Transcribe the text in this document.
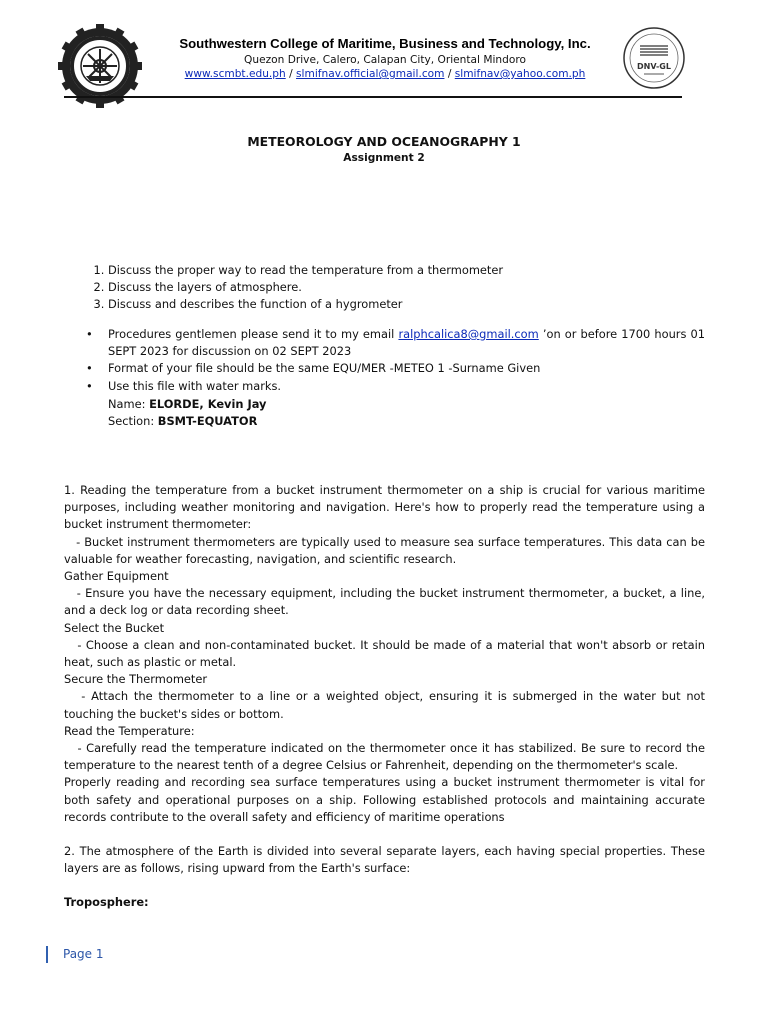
Southwestern College of Maritime, Business and Technology, Inc.
Quezon Drive, Calero, Calapan City, Oriental Mindoro
www.scmbt.edu.ph / slmifnav.official@gmail.com / slmifnav@yahoo.com.ph
DNV-GL
METEOROLOGY AND OCEANOGRAPHY 1
Assignment 2
1. Discuss the proper way to read the temperature from a thermometer
2. Discuss the layers of atmosphere.
3. Discuss and describes the function of a hygrometer
• Procedures gentlemen please send it to my email ralphcalica8@gmail.com ’on or before 1700 hours 01 SEPT 2023 for discussion on 02 SEPT 2023
• Format of your file should be the same EQU/MER -METEO 1 -Surname Given
• Use this file with water marks.
Name: ELORDE, Kevin Jay
Section: BSMT-EQUATOR

1. Reading the temperature from a bucket instrument thermometer on a ship is crucial for various maritime purposes, including weather monitoring and navigation. Here's how to properly read the temperature using a bucket instrument thermometer:

- Bucket instrument thermometers are typically used to measure sea surface temperatures. This data can be valuable for weather forecasting, navigation, and scientific research.

Gather Equipment

- Ensure you have the necessary equipment, including the bucket instrument thermometer, a bucket, a line, and a deck log or data recording sheet.

Select the Bucket

- Choose a clean and non-contaminated bucket. It should be made of a material that won't absorb or retain heat, such as plastic or metal.

Secure the Thermometer

- Attach the thermometer to a line or a weighted object, ensuring it is submerged in the water but not touching the bucket's sides or bottom.

Read the Temperature:

- Carefully read the temperature indicated on the thermometer once it has stabilized. Be sure to record the temperature to the nearest tenth of a degree Celsius or Fahrenheit, depending on the thermometer's scale.

Properly reading and recording sea surface temperatures using a bucket instrument thermometer is vital for both safety and operational purposes on a ship. Following established protocols and maintaining accurate records contribute to the overall safety and efficiency of maritime operations

2. The atmosphere of the Earth is divided into several separate layers, each having special properties. These layers are as follows, rising upward from the Earth's surface:

Troposphere:

Page 1
